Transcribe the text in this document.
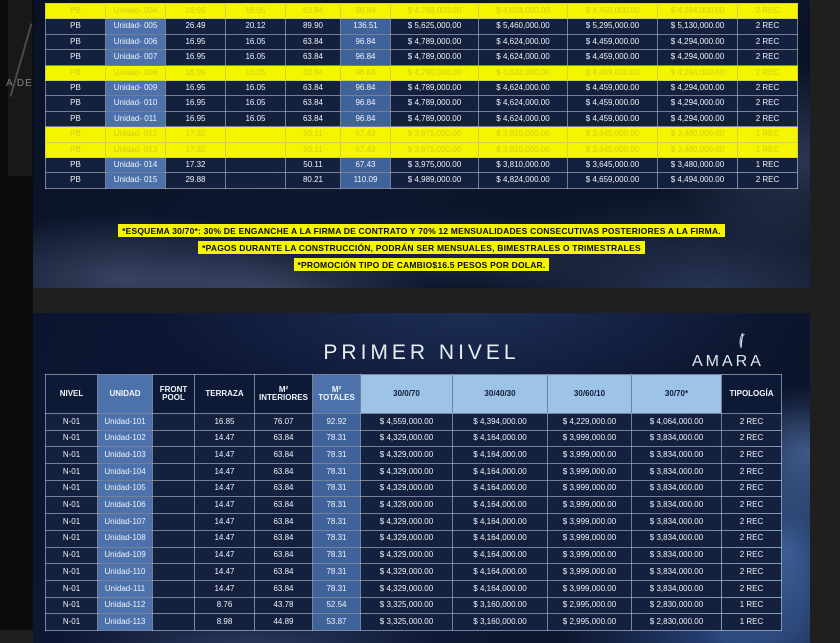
A DE
PB	Unidad- 004	16.95	16.05	63.84	96.84	$ 4,789,000.00	$ 4,624,000.00	$ 4,459,000.00	$ 4,294,000.00	2 REC
PB	Unidad- 005	26.49	20.12	89.90	136.51	$ 5,625,000.00	$ 5,460,000.00	$ 5,295,000.00	$ 5,130,000.00	2 REC
PB	Unidad- 006	16.95	16.05	63.84	96.84	$ 4,789,000.00	$ 4,624,000.00	$ 4,459,000.00	$ 4,294,000.00	2 REC
PB	Unidad- 007	16.95	16.05	63.84	96.84	$ 4,789,000.00	$ 4,624,000.00	$ 4,459,000.00	$ 4,294,000.00	2 REC
PB	Unidad- 008	16.95	16.05	63.84	96.84	$ 4,789,000.00	$ 4,624,000.00	$ 4,459,000.00	$ 4,294,000.00	2 REC
PB	Unidad- 009	16.95	16.05	63.84	96.84	$ 4,789,000.00	$ 4,624,000.00	$ 4,459,000.00	$ 4,294,000.00	2 REC
PB	Unidad- 010	16.95	16.05	63.84	96.84	$ 4,789,000.00	$ 4,624,000.00	$ 4,459,000.00	$ 4,294,000.00	2 REC
PB	Unidad- 011	16.95	16.05	63.84	96.84	$ 4,789,000.00	$ 4,624,000.00	$ 4,459,000.00	$ 4,294,000.00	2 REC
PB	Unidad- 012	17.32		50.11	67.43	$ 3,975,000.00	$ 3,810,000.00	$ 3,645,000.00	$ 3,480,000.00	1 REC
PB	Unidad- 013	17.32		50.11	67.43	$ 3,975,000.00	$ 3,810,000.00	$ 3,645,000.00	$ 3,480,000.00	1 REC
PB	Unidad- 014	17.32		50.11	67.43	$ 3,975,000.00	$ 3,810,000.00	$ 3,645,000.00	$ 3,480,000.00	1 REC
PB	Unidad- 015	29.88		80.21	110.09	$ 4,989,000.00	$ 4,824,000.00	$ 4,659,000.00	$ 4,494,000.00	2 REC
*ESQUEMA 30/70*: 30% DE ENGANCHE A LA FIRMA DE CONTRATO Y 70% 12 MENSUALIDADES CONSECUTIVAS POSTERIORES A LA FIRMA.
*PAGOS DURANTE LA CONSTRUCCIÓN, PODRÁN SER MENSUALES, BIMESTRALES O TRIMESTRALES
*PROMOCIÓN TIPO DE CAMBIO$16.5 PESOS POR DOLAR.
PRIMER NIVEL	AMARA
NIVEL	UNIDAD	FRONT POOL	TERRAZA	M² INTERIORES	M² TOTALES	30/0/70	30/40/30	30/60/10	30/70*	TIPOLOGÍA
N-01	Unidad-101		16.85	76.07	92.92	$ 4,559,000.00	$ 4,394,000.00	$ 4,229,000.00	$ 4,064,000.00	2 REC
N-01	Unidad-102		14.47	63.84	78.31	$ 4,329,000.00	$ 4,164,000.00	$ 3,999,000.00	$ 3,834,000.00	2 REC
N-01	Unidad-103		14.47	63.84	78.31	$ 4,329,000.00	$ 4,164,000.00	$ 3,999,000.00	$ 3,834,000.00	2 REC
N-01	Unidad-104		14.47	63.84	78.31	$ 4,329,000.00	$ 4,164,000.00	$ 3,999,000.00	$ 3,834,000.00	2 REC
N-01	Unidad-105		14.47	63.84	78.31	$ 4,329,000.00	$ 4,164,000.00	$ 3,999,000.00	$ 3,834,000.00	2 REC
N-01	Unidad-106		14.47	63.84	78.31	$ 4,329,000.00	$ 4,164,000.00	$ 3,999,000.00	$ 3,834,000.00	2 REC
N-01	Unidad-107		14.47	63.84	78.31	$ 4,329,000.00	$ 4,164,000.00	$ 3,999,000.00	$ 3,834,000.00	2 REC
N-01	Unidad-108		14.47	63.84	78.31	$ 4,329,000.00	$ 4,164,000.00	$ 3,999,000.00	$ 3,834,000.00	2 REC
N-01	Unidad-109		14.47	63.84	78.31	$ 4,329,000.00	$ 4,164,000.00	$ 3,999,000.00	$ 3,834,000.00	2 REC
N-01	Unidad-110		14.47	63.84	78.31	$ 4,329,000.00	$ 4,164,000.00	$ 3,999,000.00	$ 3,834,000.00	2 REC
N-01	Unidad-111		14.47	63.84	78.31	$ 4,329,000.00	$ 4,164,000.00	$ 3,999,000.00	$ 3,834,000.00	2 REC
N-01	Unidad-112		8.76	43.78	52.54	$ 3,325,000.00	$ 3,160,000.00	$ 2,995,000.00	$ 2,830,000.00	1 REC
N-01	Unidad-113		8.98	44.89	53.87	$ 3,325,000.00	$ 3,160,000.00	$ 2,995,000.00	$ 2,830,000.00	1 REC
